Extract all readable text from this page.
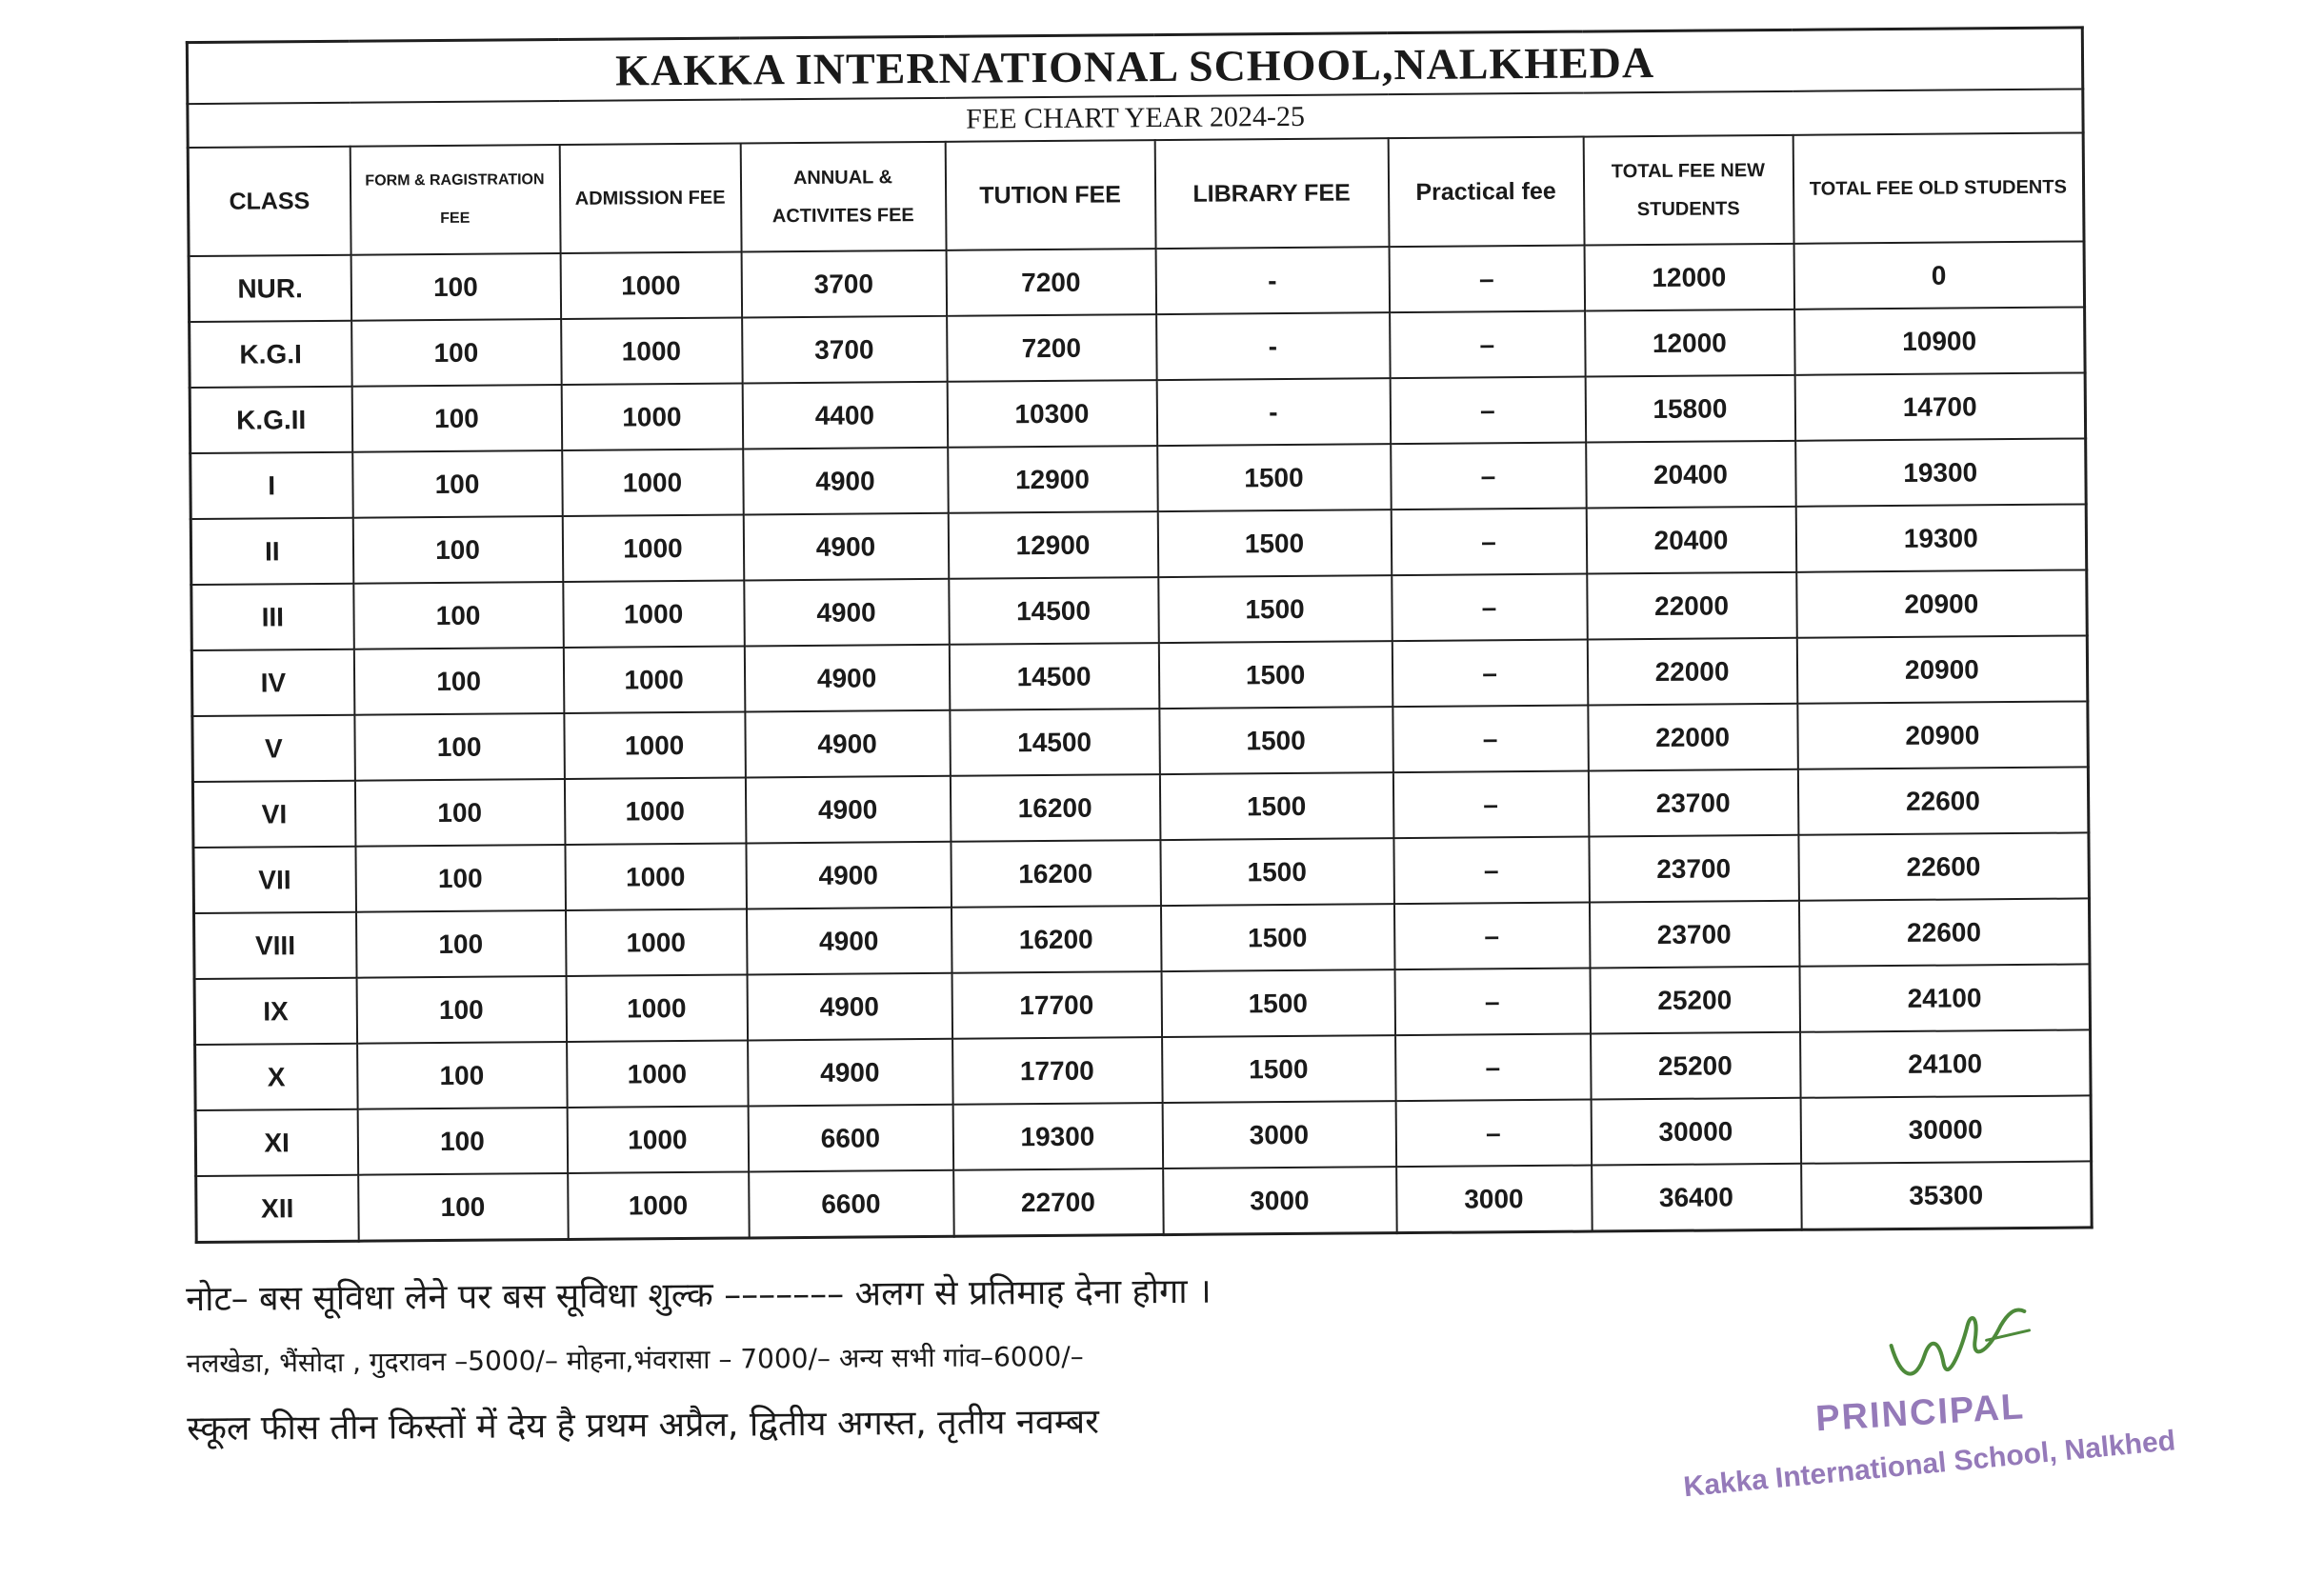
KAKKA INTERNATIONAL SCHOOL,NALKHEDA								
FEE CHART YEAR 2024-25								
CLASS	FORM & RAGISTRATION FEE	ADMISSION FEE	ANNUAL & ACTIVITES FEE	TUTION FEE	LIBRARY FEE	Practical fee	TOTAL FEE NEW STUDENTS	TOTAL FEE OLD STUDENTS
NUR.	100	1000	3700	7200	-	–	12000	0
K.G.I	100	1000	3700	7200	-	–	12000	10900
K.G.II	100	1000	4400	10300	-	–	15800	14700
I	100	1000	4900	12900	1500	–	20400	19300
II	100	1000	4900	12900	1500	–	20400	19300
III	100	1000	4900	14500	1500	–	22000	20900
IV	100	1000	4900	14500	1500	–	22000	20900
V	100	1000	4900	14500	1500	–	22000	20900
VI	100	1000	4900	16200	1500	–	23700	22600
VII	100	1000	4900	16200	1500	–	23700	22600
VIII	100	1000	4900	16200	1500	–	23700	22600
IX	100	1000	4900	17700	1500	–	25200	24100
X	100	1000	4900	17700	1500	–	25200	24100
XI	100	1000	6600	19300	3000	–	30000	30000
XII	100	1000	6600	22700	3000	3000	36400	35300
नोट– बस सूविधा लेने पर बस सूविधा शुल्क ––––––– अलग से प्रतिमाह देना होगा ।
नलखेडा, भैंसोदा , गुदरावन –5000/– मोहना,भंवरासा – 7000/– अन्य सभी गांव–6000/–
स्कूल फीस तीन किस्तों में देय है प्रथम अप्रैल, द्वितीय अगस्त, तृतीय नवम्बर	PRINCIPAL
Kakka International School, Nalkhed
